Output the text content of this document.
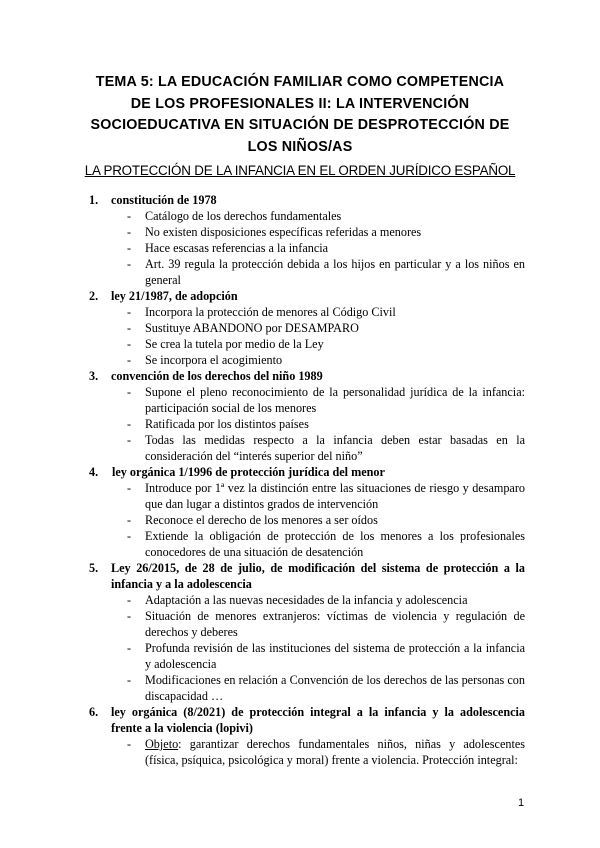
TEMA 5: LA EDUCACIÓN FAMILIAR COMO COMPETENCIA
DE LOS PROFESIONALES II: LA INTERVENCIÓN
SOCIOEDUCATIVA EN SITUACIÓN DE DESPROTECCIÓN DE
LOS NIÑOS/AS
LA PROTECCIÓN DE LA INFANCIA EN EL ORDEN JURÍDICO ESPAÑOL
1. constitución de 1978
- Catálogo de los derechos fundamentales
- No existen disposiciones específicas referidas a menores
- Hace escasas referencias a la infancia
- Art. 39 regula la protección debida a los hijos en particular y a los niños en general
2. ley 21/1987, de adopción
- Incorpora la protección de menores al Código Civil
- Sustituye ABANDONO por DESAMPARO
- Se crea la tutela por medio de la Ley
- Se incorpora el acogimiento
3. convención de los derechos del niño 1989
- Supone el pleno reconocimiento de la personalidad jurídica de la infancia: participación social de los menores
- Ratificada por los distintos países
- Todas las medidas respecto a la infancia deben estar basadas en la consideración del “interés superior del niño”
4. ley orgánica 1/1996 de protección jurídica del menor
- Introduce por 1ª vez la distinción entre las situaciones de riesgo y desamparo que dan lugar a distintos grados de intervención
- Reconoce el derecho de los menores a ser oídos
- Extiende la obligación de protección de los menores a los profesionales conocedores de una situación de desatención
5. Ley 26/2015, de 28 de julio, de modificación del sistema de protección a la infancia y a la adolescencia
- Adaptación a las nuevas necesidades de la infancia y adolescencia
- Situación de menores extranjeros: víctimas de violencia y regulación de derechos y deberes
- Profunda revisión de las instituciones del sistema de protección a la infancia y adolescencia
- Modificaciones en relación a Convención de los derechos de las personas con discapacidad …
6. ley orgánica (8/2021) de protección integral a la infancia y la adolescencia frente a la violencia (lopivi)
- Objeto: garantizar derechos fundamentales niños, niñas y adolescentes (física, psíquica, psicológica y moral) frente a violencia. Protección integral:
1
